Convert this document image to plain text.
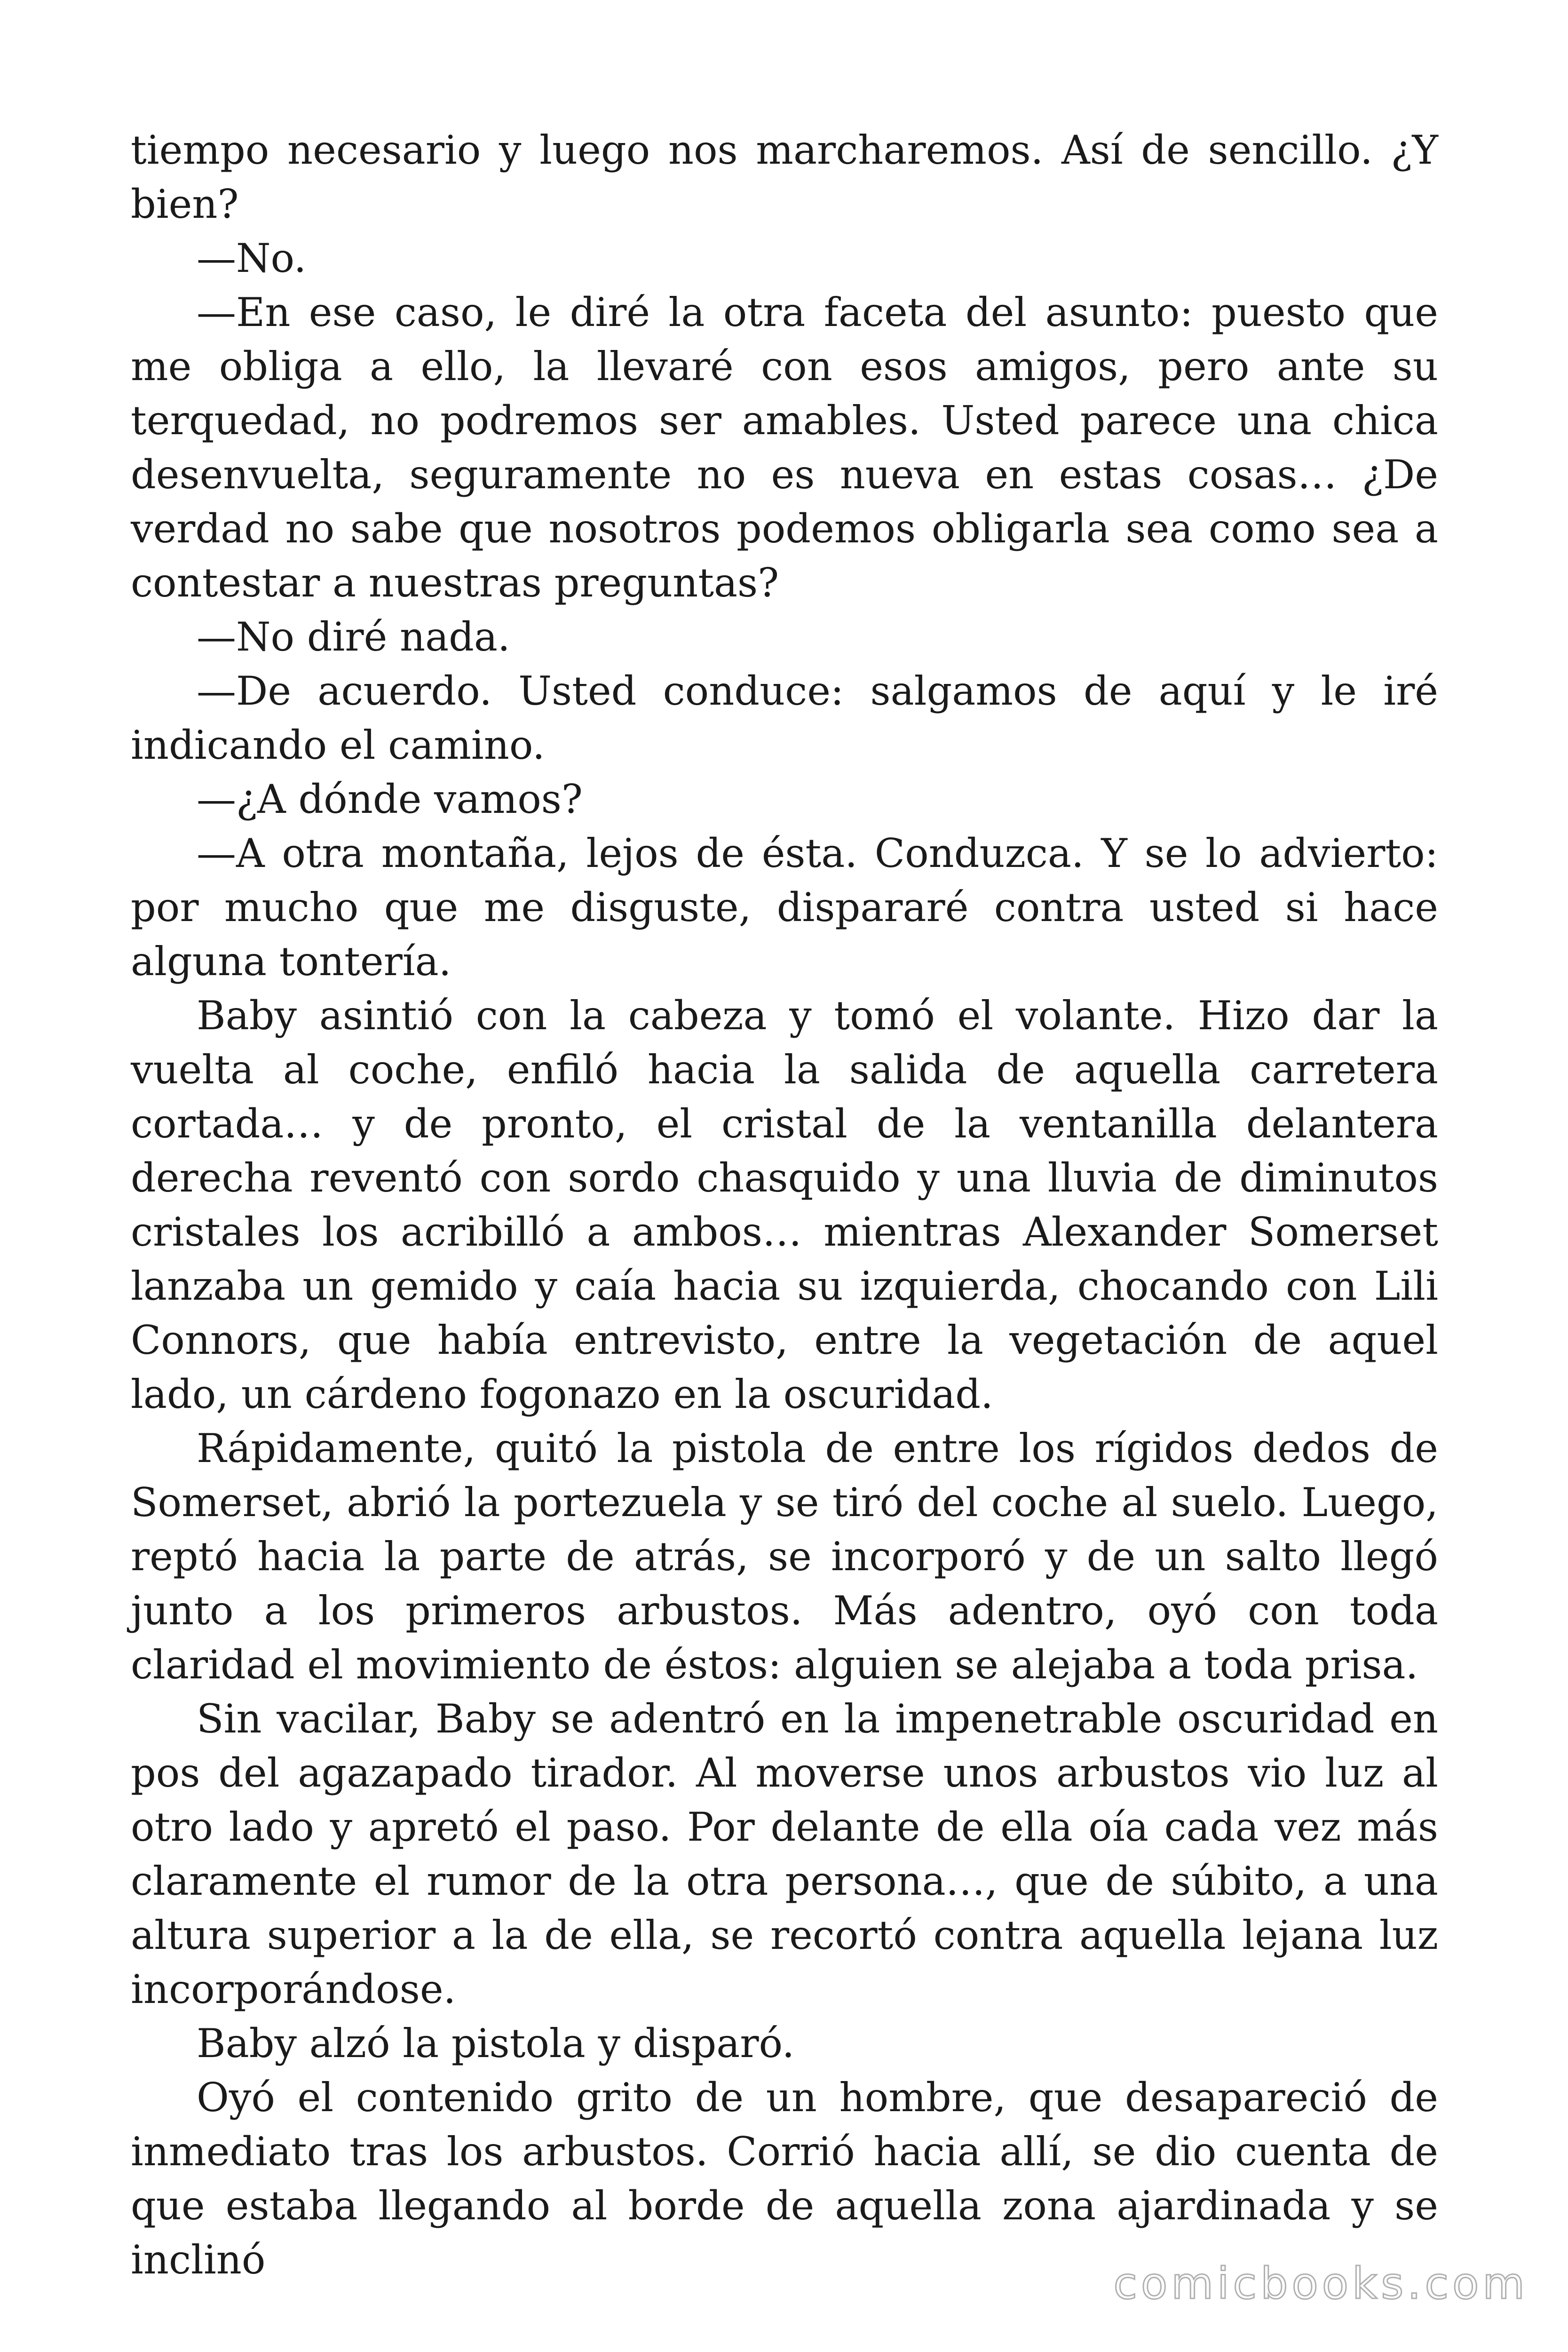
tiempo necesario y luego nos marcharemos. Así de sencillo. ¿Y bien?

—No.

—En ese caso, le diré la otra faceta del asunto: puesto que me obliga a ello, la llevaré con esos amigos, pero ante su terquedad, no podremos ser amables. Usted parece una chica desenvuelta, seguramente no es nueva en estas cosas… ¿De verdad no sabe que nosotros podemos obligarla sea como sea a contestar a nuestras preguntas?

—No diré nada.

—De acuerdo. Usted conduce: salgamos de aquí y le iré indicando el camino.

—¿A dónde vamos?

—A otra montaña, lejos de ésta. Conduzca. Y se lo advierto: por mucho que me disguste, dispararé contra usted si hace alguna tontería.

Baby asintió con la cabeza y tomó el volante. Hizo dar la vuelta al coche, enfiló hacia la salida de aquella carretera cortada… y de pronto, el cristal de la ventanilla delantera derecha reventó con sordo chasquido y una lluvia de diminutos cristales los acribilló a ambos… mientras Alexander Somerset lanzaba un gemido y caía hacia su izquierda, chocando con Lili Connors, que había entrevisto, entre la vegetación de aquel lado, un cárdeno fogonazo en la oscuridad.

Rápidamente, quitó la pistola de entre los rígidos dedos de Somerset, abrió la portezuela y se tiró del coche al suelo. Luego, reptó hacia la parte de atrás, se incorporó y de un salto llegó junto a los primeros arbustos. Más adentro, oyó con toda claridad el movimiento de éstos: alguien se alejaba a toda prisa.

Sin vacilar, Baby se adentró en la impenetrable oscuridad en pos del agazapado tirador. Al moverse unos arbustos vio luz al otro lado y apretó el paso. Por delante de ella oía cada vez más claramente el rumor de la otra persona…, que de súbito, a una altura superior a la de ella, se recortó contra aquella lejana luz incorporándose.

Baby alzó la pistola y disparó.

Oyó el contenido grito de un hombre, que desapareció de inmediato tras los arbustos. Corrió hacia allí, se dio cuenta de que estaba llegando al borde de aquella zona ajardinada y se inclinó	comicbooks.com
